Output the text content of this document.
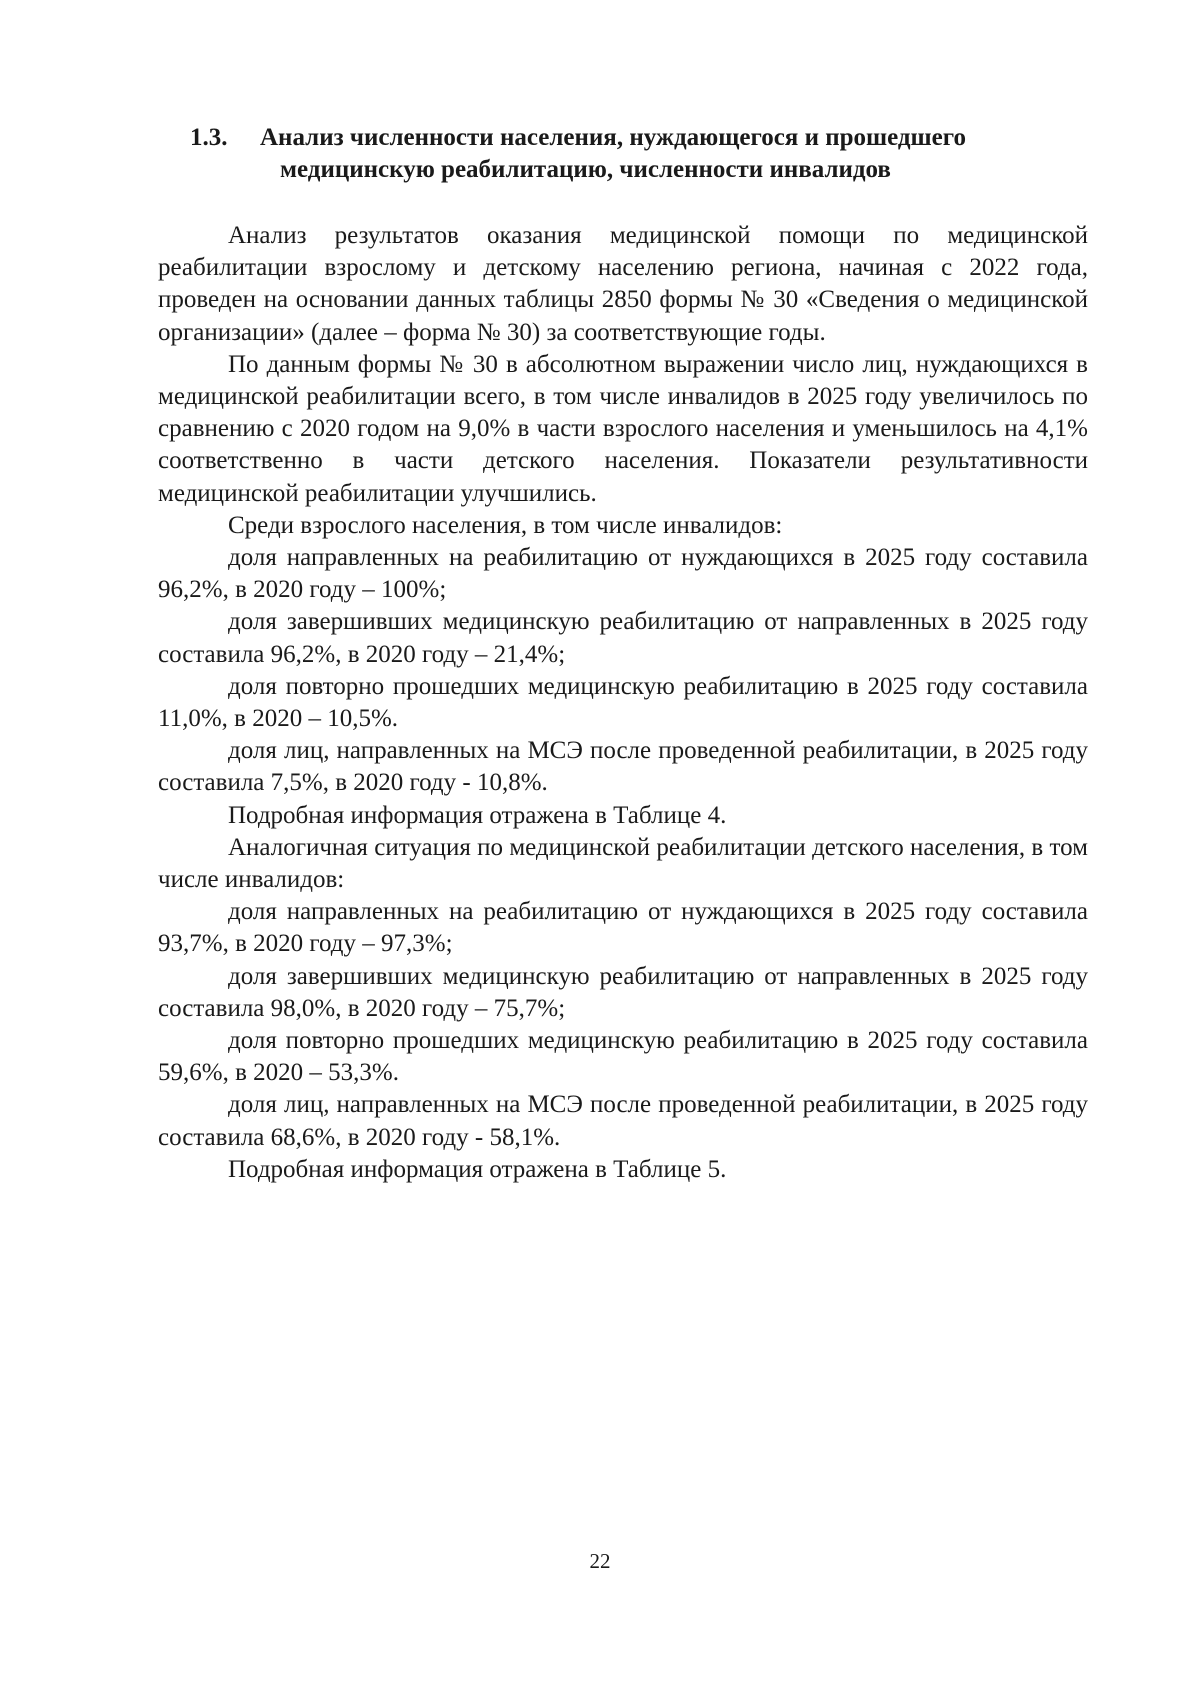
1.3. Анализ численности населения, нуждающегося и прошедшего
медицинскую реабилитацию, численности инвалидов

Анализ результатов оказания медицинской помощи по медицинской реабилитации взрослому и детскому населению региона, начиная с 2022 года, проведен на основании данных таблицы 2850 формы № 30 «Сведения о медицинской организации» (далее – форма № 30) за соответствующие годы.

По данным формы № 30 в абсолютном выражении число лиц, нуждающихся в медицинской реабилитации всего, в том числе инвалидов в 2025 году увеличилось по сравнению с 2020 годом на 9,0% в части взрослого населения и уменьшилось на 4,1% соответственно в части детского населения. Показатели результативности медицинской реабилитации улучшились.

Среди взрослого населения, в том числе инвалидов:

доля направленных на реабилитацию от нуждающихся в 2025 году составила 96,2%, в 2020 году – 100%;

доля завершивших медицинскую реабилитацию от направленных в 2025 году составила 96,2%, в 2020 году – 21,4%;

доля повторно прошедших медицинскую реабилитацию в 2025 году составила 11,0%, в 2020 – 10,5%.

доля лиц, направленных на МСЭ после проведенной реабилитации, в 2025 году составила 7,5%, в 2020 году - 10,8%.

Подробная информация отражена в Таблице 4.

Аналогичная ситуация по медицинской реабилитации детского населения, в том числе инвалидов:

доля направленных на реабилитацию от нуждающихся в 2025 году составила 93,7%, в 2020 году – 97,3%;

доля завершивших медицинскую реабилитацию от направленных в 2025 году составила 98,0%, в 2020 году – 75,7%;

доля повторно прошедших медицинскую реабилитацию в 2025 году составила 59,6%, в 2020 – 53,3%.

доля лиц, направленных на МСЭ после проведенной реабилитации, в 2025 году составила 68,6%, в 2020 году - 58,1%.

Подробная информация отражена в Таблице 5.

22
